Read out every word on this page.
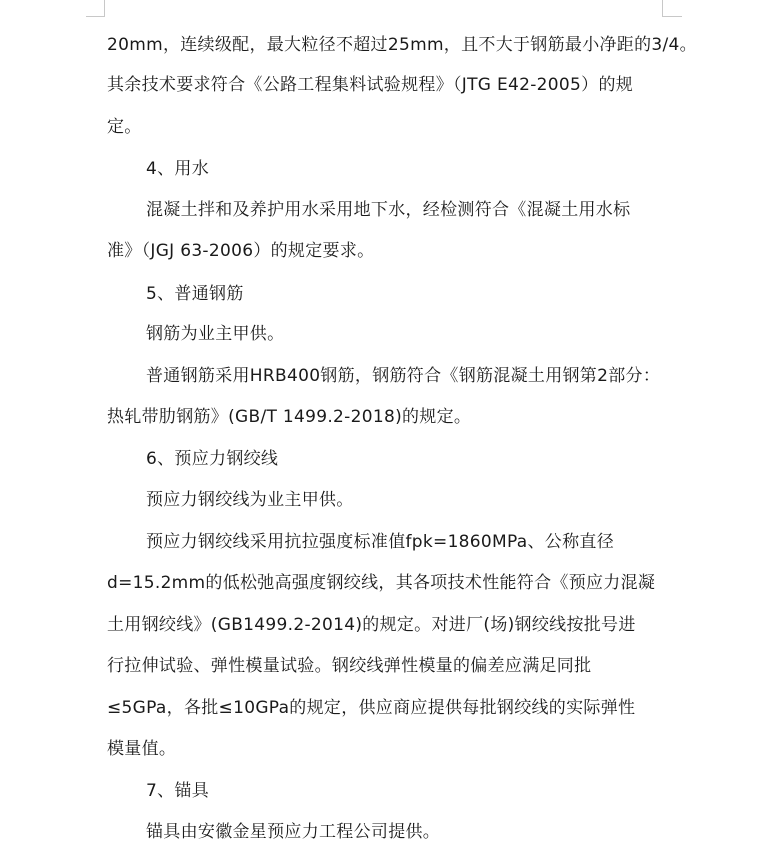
20mm，连续级配，最大粒径不超过25mm，且不大于钢筋最小净距的3/4。
其余技术要求符合《公路工程集料试验规程》（JTG E42-2005）的规
定。
4、用水
混凝土拌和及养护用水采用地下水，经检测符合《混凝土用水标
准》（JGJ 63-2006）的规定要求。
5、普通钢筋
钢筋为业主甲供。
普通钢筋采用HRB400钢筋，钢筋符合《钢筋混凝土用钢第2部分：
热轧带肋钢筋》(GB/T 1499.2-2018)的规定。
6、预应力钢绞线
预应力钢绞线为业主甲供。
预应力钢绞线采用抗拉强度标准值fpk=1860MPa、公称直径
d=15.2mm的低松弛高强度钢绞线，其各项技术性能符合《预应力混凝
土用钢绞线》(GB1499.2-2014)的规定。对进厂(场)钢绞线按批号进
行拉伸试验、弹性模量试验。钢绞线弹性模量的偏差应满足同批
≤5GPa，各批≤10GPa的规定，供应商应提供每批钢绞线的实际弹性
模量值。
7、锚具
锚具由安徽金星预应力工程公司提供。
